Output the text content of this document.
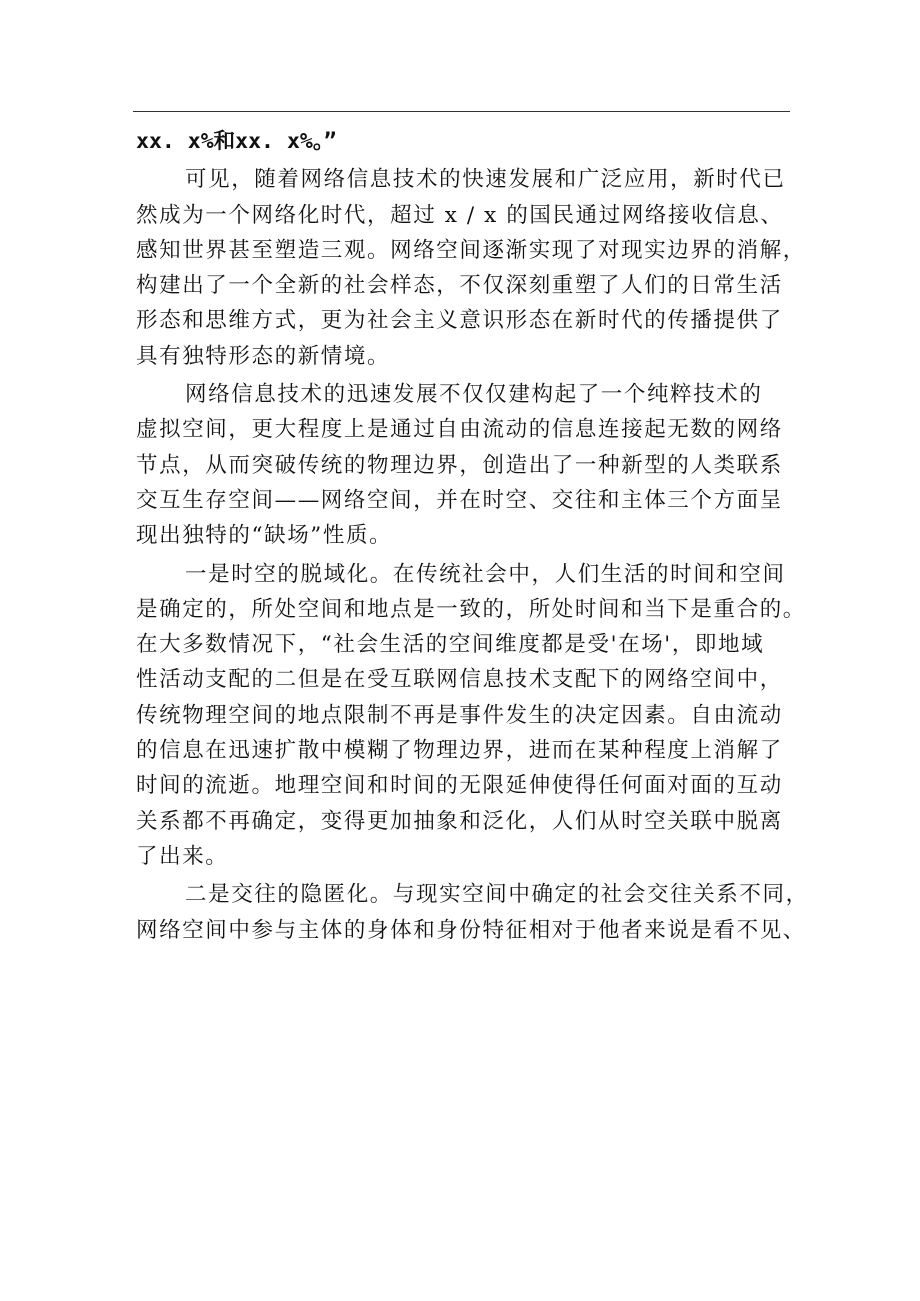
xx. x%和xx. x%。”
可见，随着网络信息技术的快速发展和广泛应用，新时代已
然成为一个网络化时代，超过 x / x 的国民通过网络接收信息、
感知世界甚至塑造三观。网络空间逐渐实现了对现实边界的消解，
构建出了一个全新的社会样态，不仅深刻重塑了人们的日常生活
形态和思维方式，更为社会主义意识形态在新时代的传播提供了
具有独特形态的新情境。
网络信息技术的迅速发展不仅仅建构起了一个纯粹技术的
虚拟空间，更大程度上是通过自由流动的信息连接起无数的网络
节点，从而突破传统的物理边界，创造出了一种新型的人类联系
交互生存空间——网络空间，并在时空、交往和主体三个方面呈
现出独特的“缺场”性质。
一是时空的脱域化。在传统社会中，人们生活的时间和空间
是确定的，所处空间和地点是一致的，所处时间和当下是重合的。
在大多数情况下，“社会生活的空间维度都是受'在场'，即地域
性活动支配的二但是在受互联网信息技术支配下的网络空间中，
传统物理空间的地点限制不再是事件发生的决定因素。自由流动
的信息在迅速扩散中模糊了物理边界，进而在某种程度上消解了
时间的流逝。地理空间和时间的无限延伸使得任何面对面的互动
关系都不再确定，变得更加抽象和泛化，人们从时空关联中脱离
了出来。
二是交往的隐匿化。与现实空间中确定的社会交往关系不同，
网络空间中参与主体的身体和身份特征相对于他者来说是看不见、
